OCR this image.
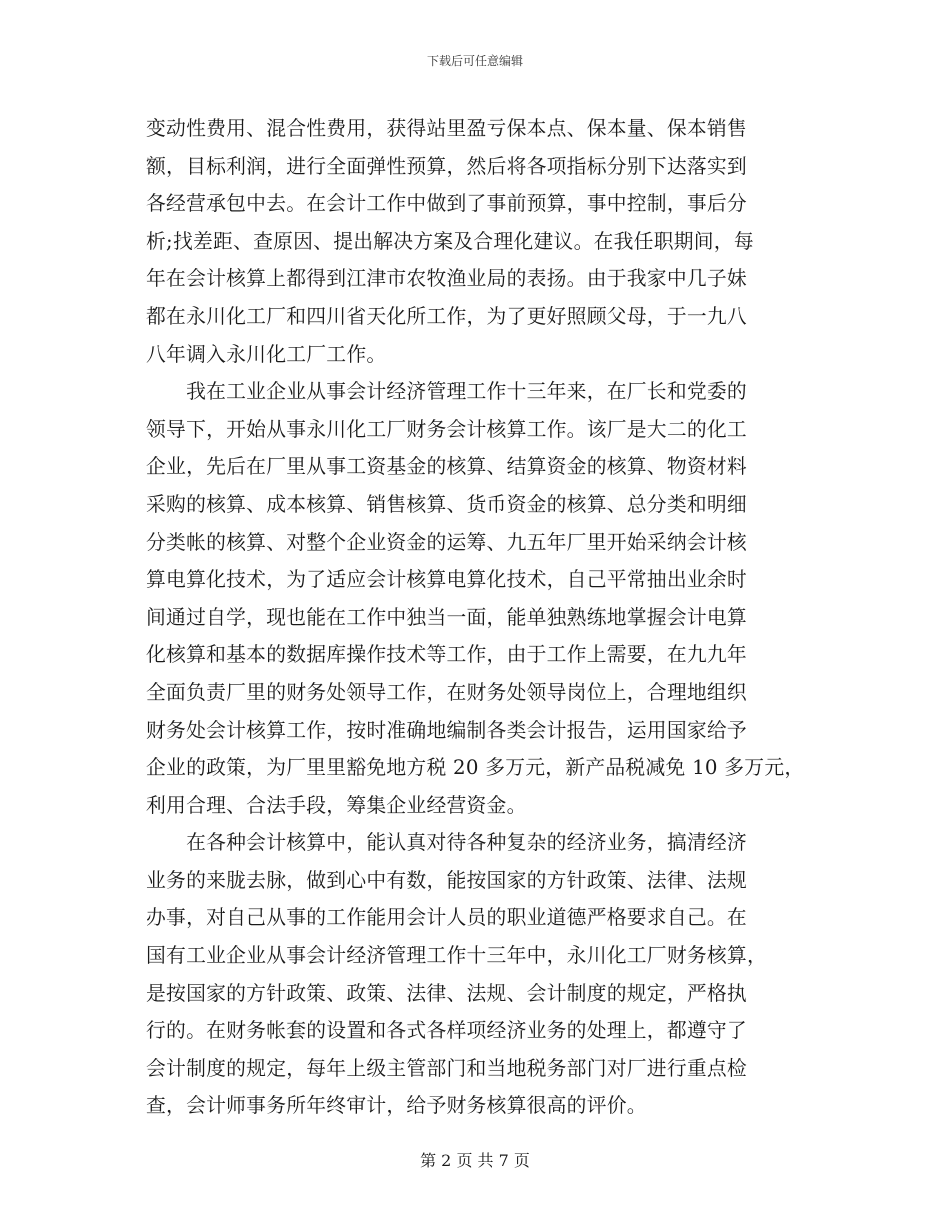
下载后可任意编辑
变动性费用、混合性费用，获得站里盈亏保本点、保本量、保本销售
额，目标利润，进行全面弹性预算，然后将各项指标分别下达落实到
各经营承包中去。在会计工作中做到了事前预算，事中控制，事后分
析;找差距、查原因、提出解决方案及合理化建议。在我任职期间，每
年在会计核算上都得到江津市农牧渔业局的表扬。由于我家中几子妹
都在永川化工厂和四川省天化所工作，为了更好照顾父母，于一九八
八年调入永川化工厂工作。
　　我在工业企业从事会计经济管理工作十三年来，在厂长和党委的
领导下，开始从事永川化工厂财务会计核算工作。该厂是大二的化工
企业，先后在厂里从事工资基金的核算、结算资金的核算、物资材料
采购的核算、成本核算、销售核算、货币资金的核算、总分类和明细
分类帐的核算、对整个企业资金的运筹、九五年厂里开始采纳会计核
算电算化技术，为了适应会计核算电算化技术，自己平常抽出业余时
间通过自学，现也能在工作中独当一面，能单独熟练地掌握会计电算
化核算和基本的数据库操作技术等工作，由于工作上需要，在九九年
全面负责厂里的财务处领导工作，在财务处领导岗位上，合理地组织
财务处会计核算工作，按时准确地编制各类会计报告，运用国家给予
企业的政策，为厂里里豁免地方税 20 多万元，新产品税减免 10 多万元，
利用合理、合法手段，筹集企业经营资金。
　　在各种会计核算中，能认真对待各种复杂的经济业务，搞清经济
业务的来胧去脉，做到心中有数，能按国家的方针政策、法律、法规
办事，对自己从事的工作能用会计人员的职业道德严格要求自己。在
国有工业企业从事会计经济管理工作十三年中，永川化工厂财务核算，
是按国家的方针政策、政策、法律、法规、会计制度的规定，严格执
行的。在财务帐套的设置和各式各样项经济业务的处理上，都遵守了
会计制度的规定，每年上级主管部门和当地税务部门对厂进行重点检
查，会计师事务所年终审计，给予财务核算很高的评价。
第 2 页 共 7 页
